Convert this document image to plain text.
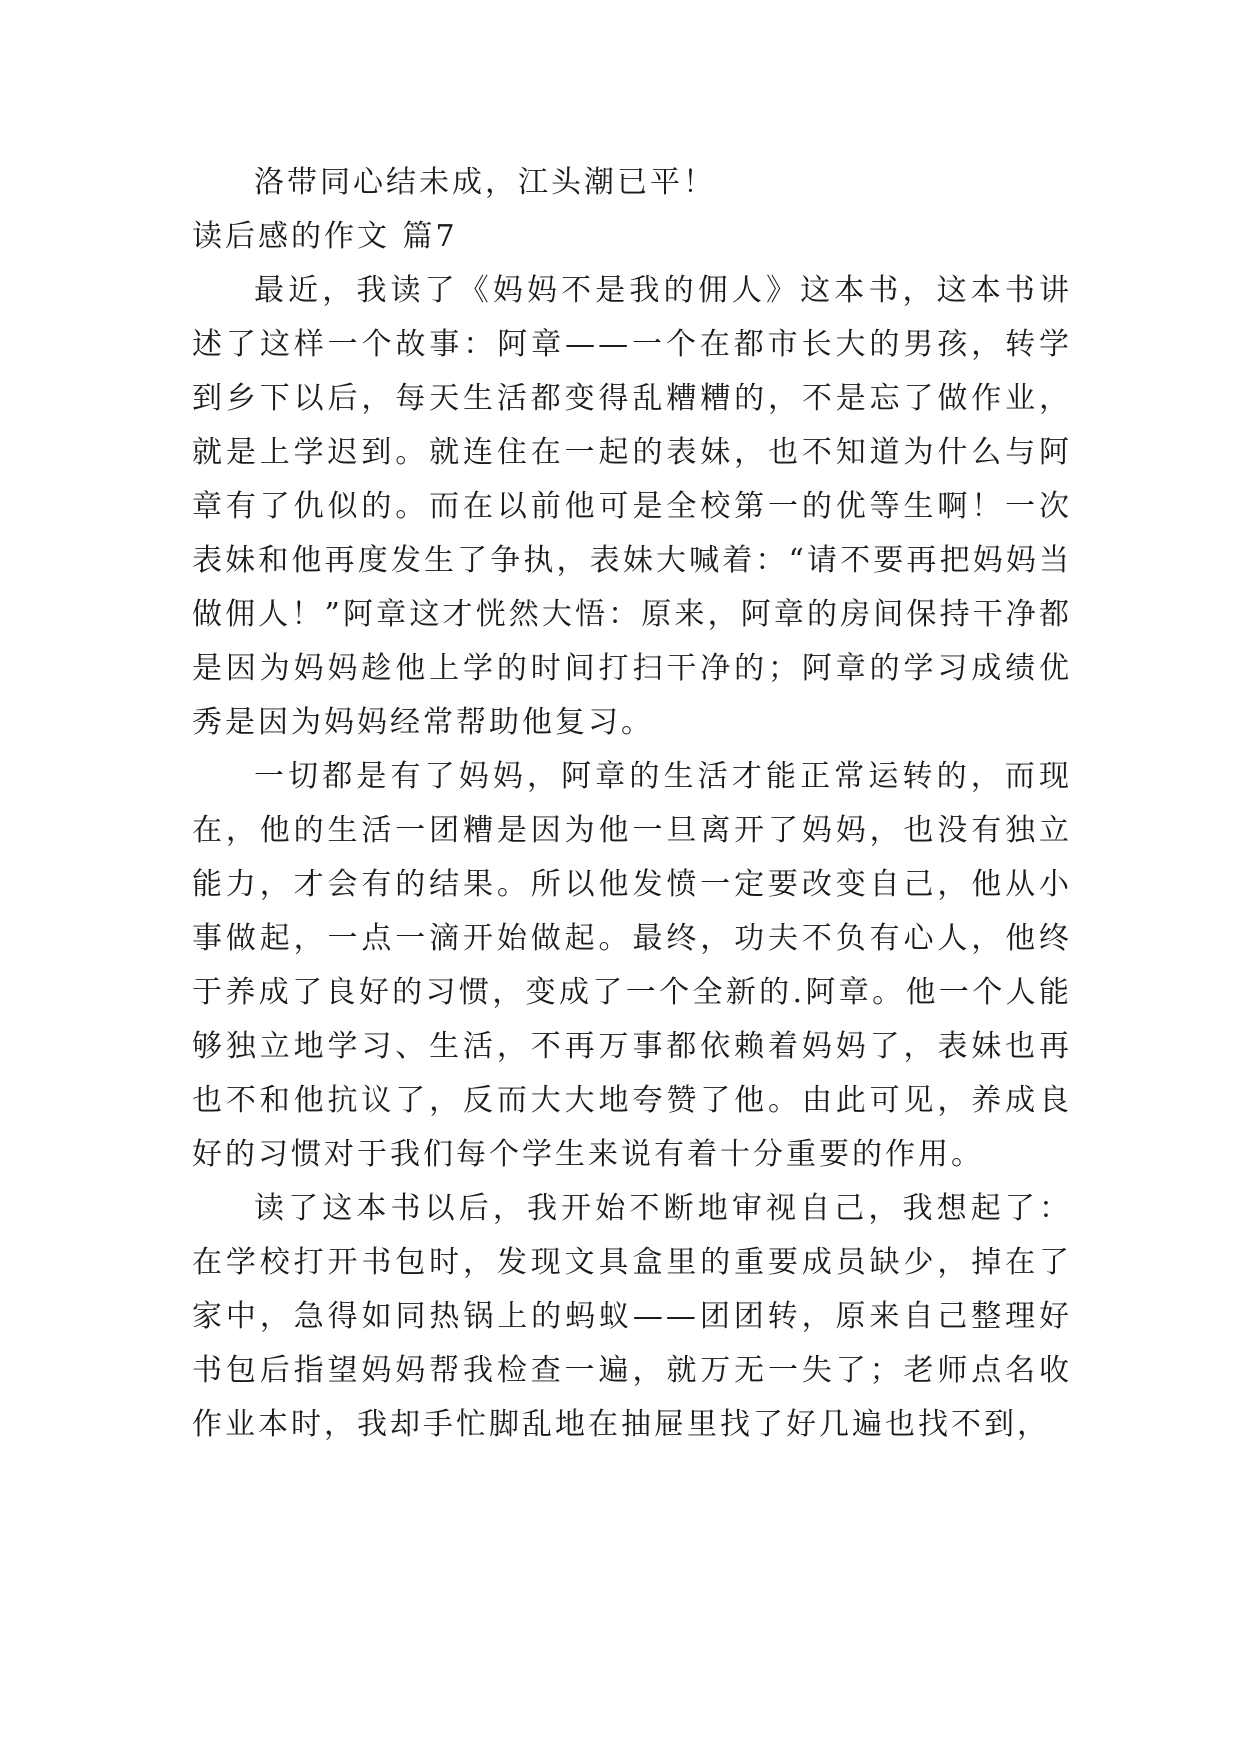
洛带同心结未成，江头潮已平！

读后感的作文 篇7

最近，我读了《妈妈不是我的佣人》这本书，这本书讲述了这样一个故事：阿章——一个在都市长大的男孩，转学到乡下以后，每天生活都变得乱糟糟的，不是忘了做作业，就是上学迟到。就连住在一起的表妹，也不知道为什么与阿章有了仇似的。而在以前他可是全校第一的优等生啊！一次表妹和他再度发生了争执，表妹大喊着：“请不要再把妈妈当做佣人！”阿章这才恍然大悟：原来，阿章的房间保持干净都是因为妈妈趁他上学的时间打扫干净的；阿章的学习成绩优秀是因为妈妈经常帮助他复习。

一切都是有了妈妈，阿章的生活才能正常运转的，而现在，他的生活一团糟是因为他一旦离开了妈妈，也没有独立能力，才会有的结果。所以他发愤一定要改变自己，他从小事做起，一点一滴开始做起。最终，功夫不负有心人，他终于养成了良好的习惯，变成了一个全新的.阿章。他一个人能够独立地学习、生活，不再万事都依赖着妈妈了，表妹也再也不和他抗议了，反而大大地夸赞了他。由此可见，养成良好的习惯对于我们每个学生来说有着十分重要的作用。

读了这本书以后，我开始不断地审视自己，我想起了：在学校打开书包时，发现文具盒里的重要成员缺少，掉在了家中，急得如同热锅上的蚂蚁——团团转，原来自己整理好书包后指望妈妈帮我检查一遍，就万无一失了；老师点名收作业本时，我却手忙脚乱地在抽屉里找了好几遍也找不到，
